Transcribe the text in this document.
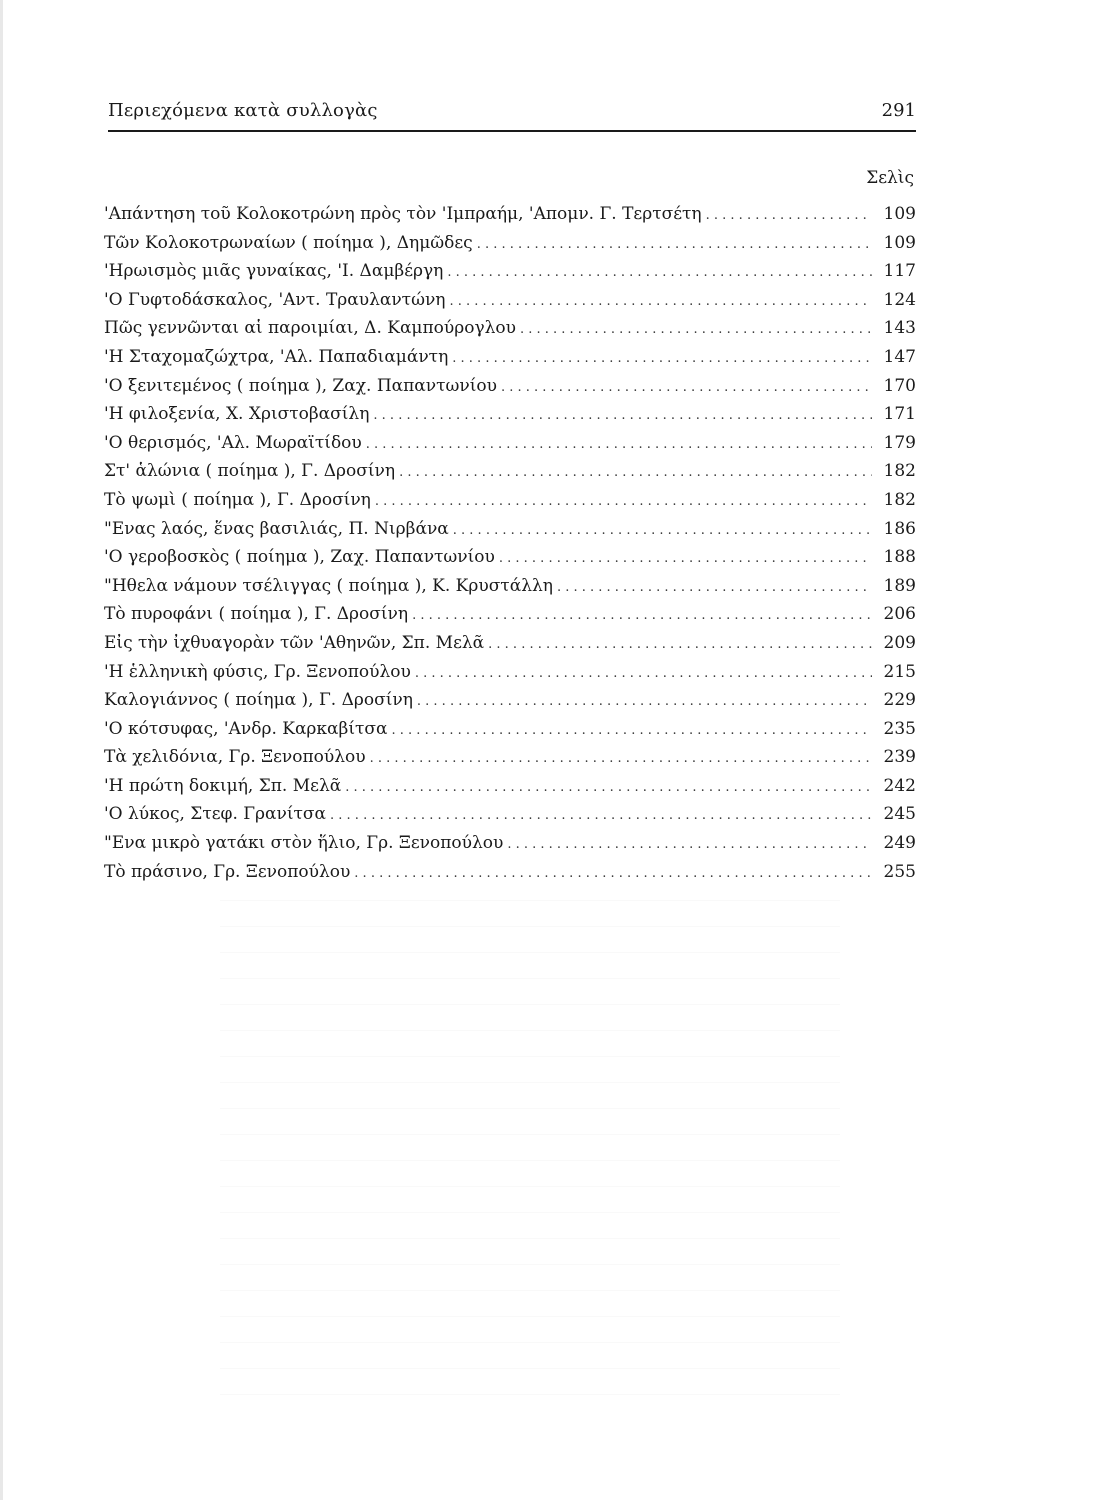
Περιεχόμενα κατὰ συλλογὰς	291
Σελὶς
'Απάντηση τοῦ Κολοκοτρώνη πρὸς τὸν 'Ιμπραήμ, 'Απομν. Γ. Τερτσέτη . . .	109
Τῶν Κολοκοτρωναίων ( ποίημα ), Δημῶδες . . .	109
'Ηρωισμὸς μιᾶς γυναίκας, 'Ι. Δαμβέργη . . .	117
'Ο Γυφτοδάσκαλος, 'Αντ. Τραυλαντώνη . . .	124
Πῶς γεννῶνται αἱ παροιμίαι, Δ. Καμπούρογλου . . .	143
'Η Σταχομαζώχτρα, 'Αλ. Παπαδιαμάντη . . .	147
'Ο ξενιτεμένος ( ποίημα ), Ζαχ. Παπαντωνίου . . .	170
'Η φιλοξενία, Χ. Χριστοβασίλη . . .	171
'Ο θερισμός, 'Αλ. Μωραϊτίδου . . .	179
Στ' ἁλώνια ( ποίημα ), Γ. Δροσίνη . . .	182
Τὸ ψωμὶ ( ποίημα ), Γ. Δροσίνη . . .	182
"Ενας λαός, ἕνας βασιλιάς, Π. Νιρβάνα . . .	186
'Ο γεροβοσκὸς ( ποίημα ), Ζαχ. Παπαντωνίου . . .	188
"Ηθελα νάμουν τσέλιγγας ( ποίημα ), Κ. Κρυστάλλη . . .	189
Τὸ πυροφάνι ( ποίημα ), Γ. Δροσίνη . . .	206
Εἰς τὴν ἰχθυαγορὰν τῶν 'Αθηνῶν, Σπ. Μελᾶ . . .	209
'Η ἑλληνικὴ φύσις, Γρ. Ξενοπούλου . . .	215
Καλογιάννος ( ποίημα ), Γ. Δροσίνη . . .	229
'Ο κότσυφας, 'Ανδρ. Καρκαβίτσα . . .	235
Τὰ χελιδόνια, Γρ. Ξενοπούλου . . .	239
'Η πρώτη δοκιμή, Σπ. Μελᾶ . . .	242
'Ο λύκος, Στεφ. Γρανίτσα . . .	245
"Ενα μικρὸ γατάκι στὸν ἥλιο, Γρ. Ξενοπούλου . . .	249
Τὸ πράσινο, Γρ. Ξενοπούλου . . .	255
